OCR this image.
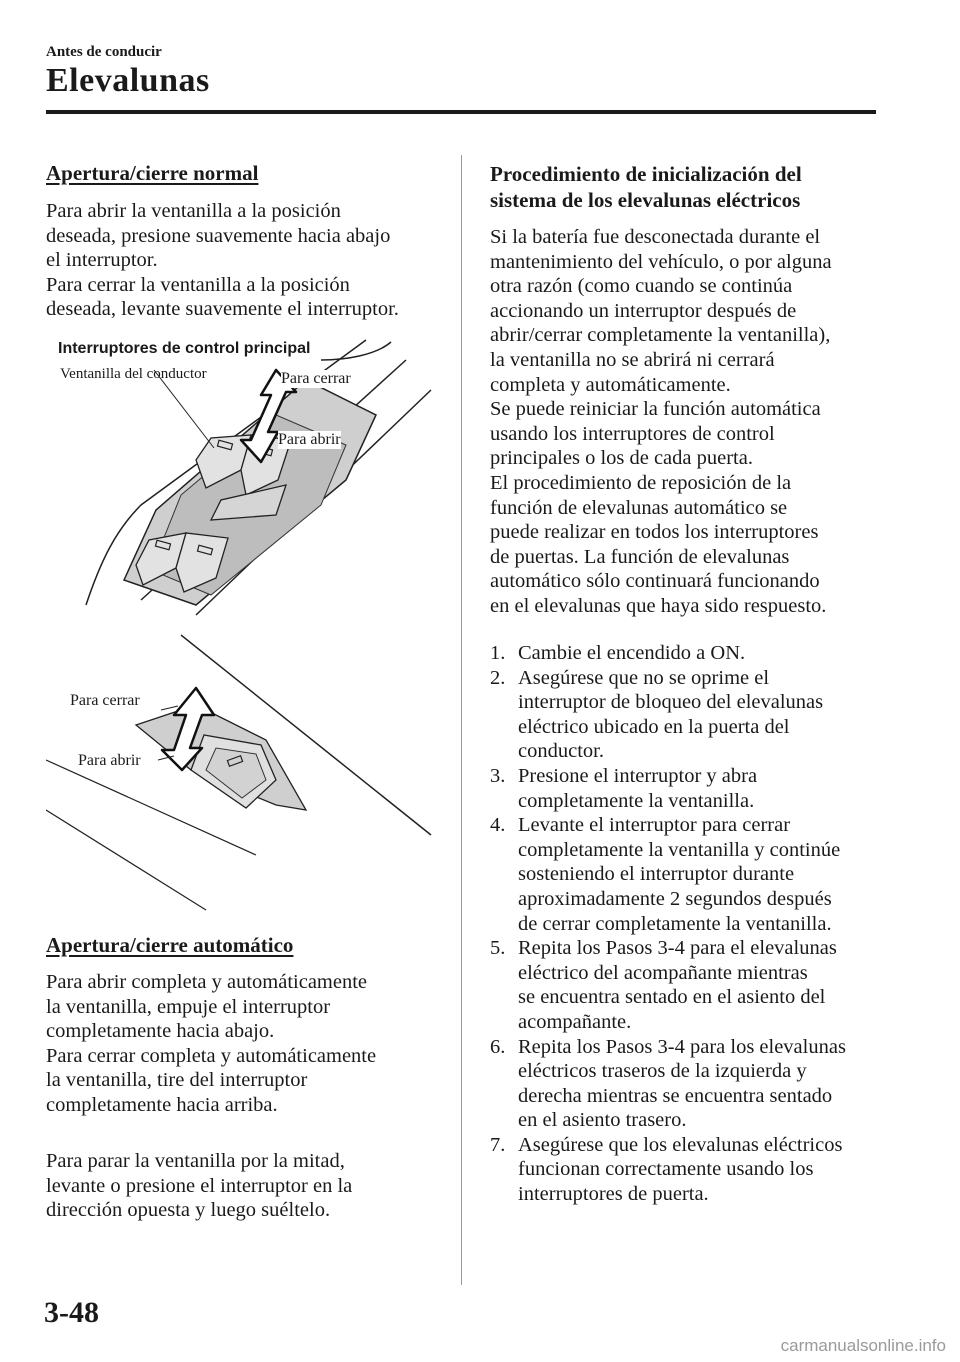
Antes de conducir
Elevalunas
Apertura/cierre normal
Para abrir la ventanilla a la posición
deseada, presione suavemente hacia abajo
el interruptor.
Para cerrar la ventanilla a la posición
deseada, levante suavemente el interruptor.
Interruptores de control principal
Ventanilla del conductor	Para cerrar
Para abrir
Para cerrar
Para abrir
Apertura/cierre automático
Para abrir completa y automáticamente
la ventanilla, empuje el interruptor
completamente hacia abajo.
Para cerrar completa y automáticamente
la ventanilla, tire del interruptor
completamente hacia arriba.
Para parar la ventanilla por la mitad,
levante o presione el interruptor en la
dirección opuesta y luego suéltelo.
Procedimiento de inicialización del
sistema de los elevalunas eléctricos
Si la batería fue desconectada durante el
mantenimiento del vehículo, o por alguna
otra razón (como cuando se continúa
accionando un interruptor después de
abrir/cerrar completamente la ventanilla),
la ventanilla no se abrirá ni cerrará
completa y automáticamente.
Se puede reiniciar la función automática
usando los interruptores de control
principales o los de cada puerta.
El procedimiento de reposición de la
función de elevalunas automático se
puede realizar en todos los interruptores
de puertas. La función de elevalunas
automático sólo continuará funcionando
en el elevalunas que haya sido respuesto.
1. Cambie el encendido a ON.
2. Asegúrese que no se oprime el
interruptor de bloqueo del elevalunas
eléctrico ubicado en la puerta del
conductor.
3. Presione el interruptor y abra
completamente la ventanilla.
4. Levante el interruptor para cerrar
completamente la ventanilla y continúe
sosteniendo el interruptor durante
aproximadamente 2 segundos después
de cerrar completamente la ventanilla.
5. Repita los Pasos 3-4 para el elevalunas
eléctrico del acompañante mientras
se encuentra sentado en el asiento del
acompañante.
6. Repita los Pasos 3-4 para los elevalunas
eléctricos traseros de la izquierda y
derecha mientras se encuentra sentado
en el asiento trasero.
7. Asegúrese que los elevalunas eléctricos
funcionan correctamente usando los
interruptores de puerta.
3-48
carmanualsonline.info
